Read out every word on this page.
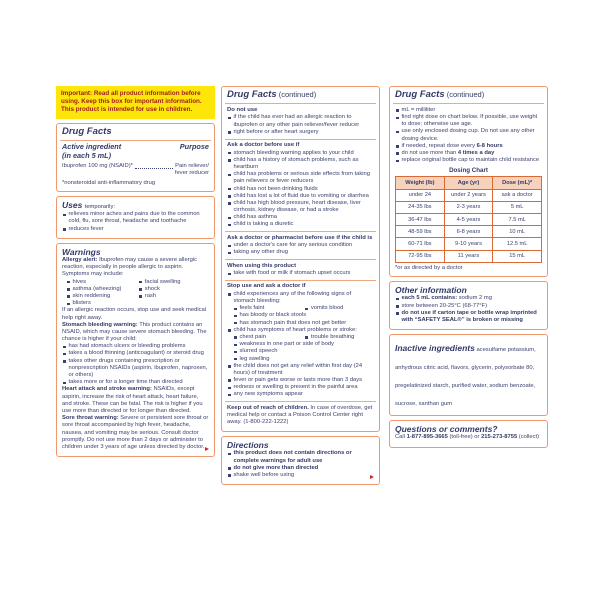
Important: Read all product information before using. Keep this box for important information. This product is intended for use in children.
Drug Facts
Active ingredient	Purpose
(in each 5 mL)
Ibuprofen 100 mg (NSAID)*	Pain reliever/
fever reducer
*nonsteroidal anti-inflammatory drug
Uses temporarily:
relieves minor aches and pains due to the common cold, flu, sore throat, headache and toothache
reduces fever
Warnings

Allergy alert: Ibuprofen may cause a severe allergic reaction, especially in people allergic to aspirin. Symptoms may include:

hives	facial swelling
asthma (wheezing)	shock
skin reddening	rash
blisters

If an allergic reaction occurs, stop use and seek medical help right away.

Stomach bleeding warning: This product contains an NSAID, which may cause severe stomach bleeding. The chance is higher if your child:

has had stomach ulcers or bleeding problems
takes a blood thinning (anticoagulant) or steroid drug
takes other drugs containing prescription or nonprescription NSAIDs (aspirin, ibuprofen, naproxen, or others)
takes more or for a longer time than directed

Heart attack and stroke warning: NSAIDs, except aspirin, increase the risk of heart attack, heart failure, and stroke. These can be fatal. The risk is higher if you use more than directed or for longer than directed.

Sore throat warning: Severe or persistent sore throat or sore throat accompanied by high fever, headache, nausea, and vomiting may be serious. Consult doctor promptly. Do not use more than 2 days or administer to children under 3 years of age unless directed by doctor.

Drug Facts (continued)
Do not use
if the child has ever had an allergic reaction to ibuprofen or any other pain reliever/fever reducer
right before or after heart surgery
Ask a doctor before use if
stomach bleeding warning applies to your child
child has a history of stomach problems, such as heartburn
child has problems or serious side effects from taking pain relievers or fever reducers
child has not been drinking fluids
child has lost a lot of fluid due to vomiting or diarrhea
child has high blood pressure, heart disease, liver cirrhosis, kidney disease, or had a stroke
child has asthma
child is taking a diuretic
Ask a doctor or pharmacist before use if the child is
under a doctor's care for any serious condition
taking any other drug
When using this product
take with food or milk if stomach upset occurs
Stop use and ask a doctor if
child experiences any of the following signs of stomach bleeding:
feels faint	vomits blood
has bloody or black stools
has stomach pain that does not get better
child has symptoms of heart problems or stroke:
chest pain	trouble breathing
weakness in one part or side of body
slurred speech
leg swelling
the child does not get any relief within first day (24 hours) of treatment
fever or pain gets worse or lasts more than 3 days
redness or swelling is present in the painful area
any new symptoms appear

Keep out of reach of children. In case of overdose, get medical help or contact a Poison Control Center right away. (1-800-222-1222)

Directions
this product does not contain directions or complete warnings for adult use
do not give more than directed
shake well before using
Drug Facts (continued)
mL = milliliter
find right dose on chart below. If possible, use weight to dose; otherwise use age.
use only enclosed dosing cup. Do not use any other dosing device.
if needed, repeat dose every 6-8 hours
do not use more than 4 times a day
replace original bottle cap to maintain child resistance
Dosing Chart
Weight (lb)	Age (yr)	Dose (mL)*
under 24	under 2 years	ask a doctor
24-35 lbs	2-3 years	5 mL
36-47 lbs	4-5 years	7.5 mL
48-59 lbs	6-8 years	10 mL
60-71 lbs	9-10 years	12.5 mL
72-95 lbs	11 years	15 mL
*or as directed by a doctor
Other information
each 5 mL contains: sodium 2 mg
store between 20-25°C (68-77°F)
do not use if carton tape or bottle wrap imprinted with “SAFETY SEAL®” is broken or missing
Inactive ingredients acesulfame potassium, anhydrous citric acid, flavors, glycerin, polysorbate 80, pregelatinized starch, purified water, sodium benzoate, sucrose, xanthan gum
Questions or comments?

Call 1-877-895-3665 (toll-free) or 215-273-8755 (collect)
